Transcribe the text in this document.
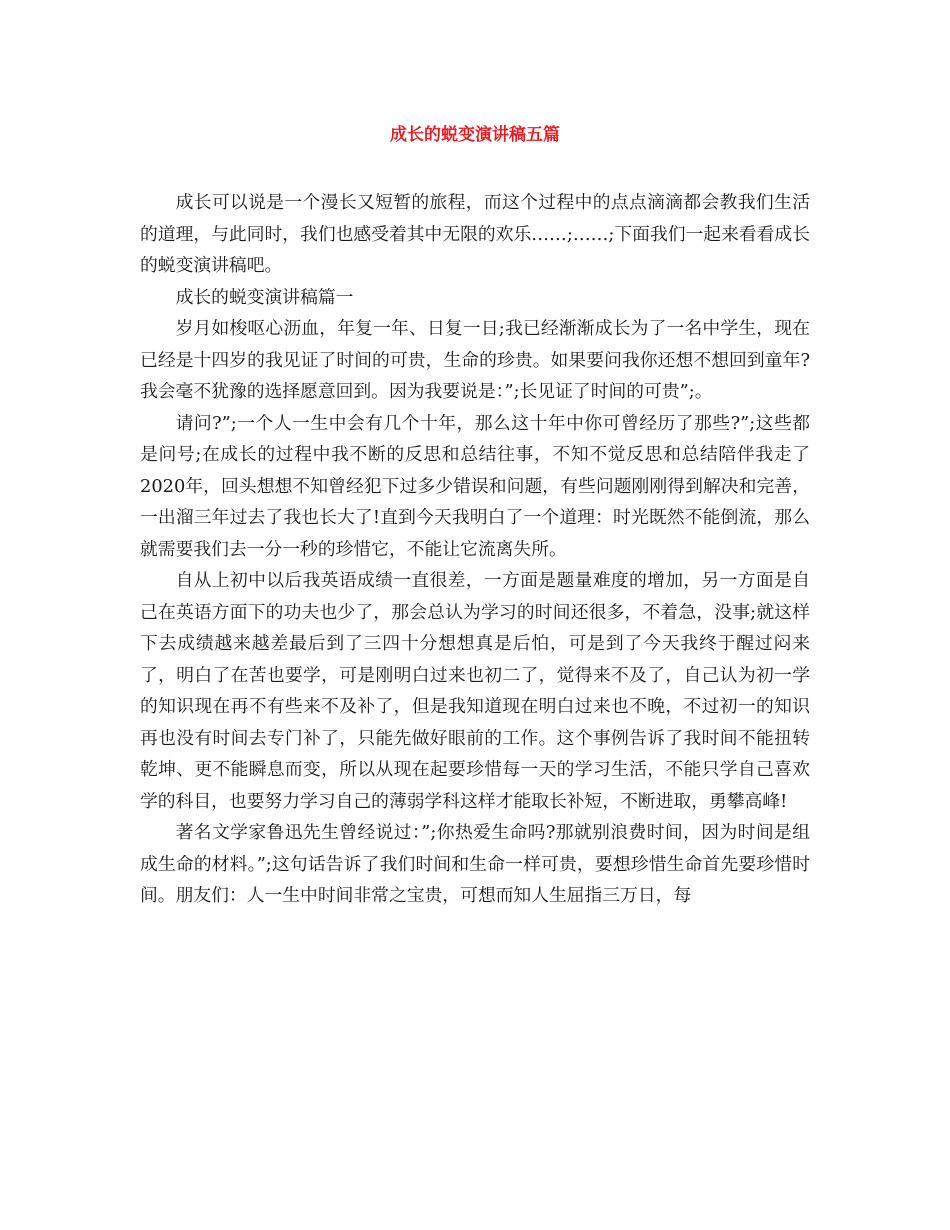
成长的蜕变演讲稿五篇

成长可以说是一个漫长又短暂的旅程，而这个过程中的点点滴滴都会教我们生活的道理，与此同时，我们也感受着其中无限的欢乐……;……;下面我们一起来看看成长的蜕变演讲稿吧。

成长的蜕变演讲稿篇一

岁月如梭呕心沥血，年复一年、日复一日;我已经渐渐成长为了一名中学生，现在已经是十四岁的我见证了时间的可贵，生命的珍贵。如果要问我你还想不想回到童年?我会毫不犹豫的选择愿意回到。因为我要说是：”;长见证了时间的可贵”;。

请问?”;一个人一生中会有几个十年，那么这十年中你可曾经历了那些?”;这些都是问号;在成长的过程中我不断的反思和总结往事，不知不觉反思和总结陪伴我走了2020年，回头想想不知曾经犯下过多少错误和问题，有些问题刚刚得到解决和完善，一出溜三年过去了我也长大了!直到今天我明白了一个道理：时光既然不能倒流，那么就需要我们去一分一秒的珍惜它，不能让它流离失所。

自从上初中以后我英语成绩一直很差，一方面是题量难度的增加，另一方面是自己在英语方面下的功夫也少了，那会总认为学习的时间还很多，不着急，没事;就这样下去成绩越来越差最后到了三四十分想想真是后怕，可是到了今天我终于醒过闷来了，明白了在苦也要学，可是刚明白过来也初二了，觉得来不及了，自己认为初一学的知识现在再不有些来不及补了，但是我知道现在明白过来也不晚，不过初一的知识再也没有时间去专门补了，只能先做好眼前的工作。这个事例告诉了我时间不能扭转乾坤、更不能瞬息而变，所以从现在起要珍惜每一天的学习生活，不能只学自己喜欢学的科目，也要努力学习自己的薄弱学科这样才能取长补短，不断进取，勇攀高峰!

著名文学家鲁迅先生曾经说过：”;你热爱生命吗?那就别浪费时间，因为时间是组成生命的材料。”;这句话告诉了我们时间和生命一样可贵，要想珍惜生命首先要珍惜时间。朋友们：人一生中时间非常之宝贵，可想而知人生屈指三万日，每
